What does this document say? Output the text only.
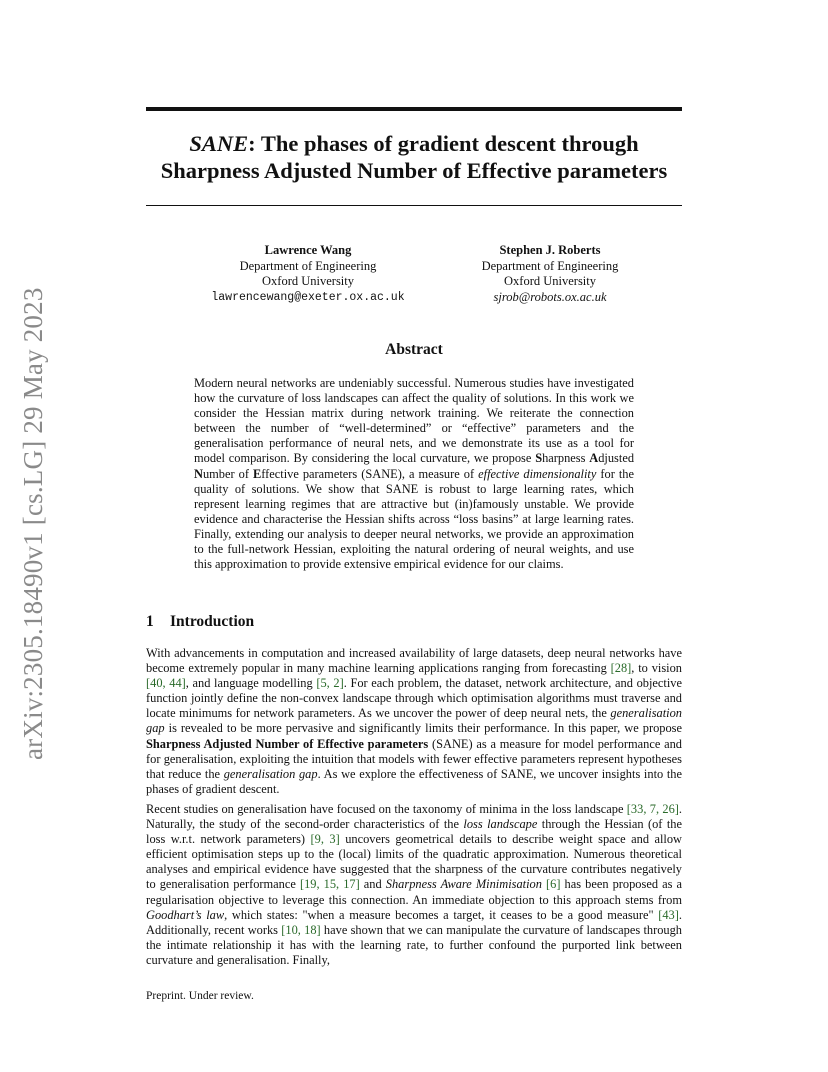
SANE: The phases of gradient descent through
Sharpness Adjusted Number of Effective parameters
arXiv:2305.18490v1 [cs.LG] 29 May 2023
Lawrence Wang
Department of Engineering
Oxford University
lawrencewang@exeter.ox.ac.uk
Stephen J. Roberts
Department of Engineering
Oxford University
sjrob@robots.ox.ac.uk
Abstract
Modern neural networks are undeniably successful. Numerous studies have investigated how the curvature of loss landscapes can affect the quality of solutions. In this work we consider the Hessian matrix during network training. We reiterate the connection between the number of “well-determined” or “effective” parameters and the generalisation performance of neural nets, and we demonstrate its use as a tool for model comparison. By considering the local curvature, we propose Sharpness Adjusted Number of Effective parameters (SANE), a measure of effective dimensionality for the quality of solutions. We show that SANE is robust to large learning rates, which represent learning regimes that are attractive but (in)famously unstable. We provide evidence and characterise the Hessian shifts across “loss basins” at large learning rates. Finally, extending our analysis to deeper neural networks, we provide an approximation to the full-network Hessian, exploiting the natural ordering of neural weights, and use this approximation to provide extensive empirical evidence for our claims.
1 Introduction
With advancements in computation and increased availability of large datasets, deep neural networks have become extremely popular in many machine learning applications ranging from forecasting [28], to vision [40, 44], and language modelling [5, 2]. For each problem, the dataset, network architecture, and objective function jointly define the non-convex landscape through which optimisation algorithms must traverse and locate minimums for network parameters. As we uncover the power of deep neural nets, the generalisation gap is revealed to be more pervasive and significantly limits their performance. In this paper, we propose Sharpness Adjusted Number of Effective parameters (SANE) as a measure for model performance and for generalisation, exploiting the intuition that models with fewer effective parameters represent hypotheses that reduce the generalisation gap. As we explore the effectiveness of SANE, we uncover insights into the phases of gradient descent.
Recent studies on generalisation have focused on the taxonomy of minima in the loss landscape [33, 7, 26]. Naturally, the study of the second-order characteristics of the loss landscape through the Hessian (of the loss w.r.t. network parameters) [9, 3] uncovers geometrical details to describe weight space and allow efficient optimisation steps up to the (local) limits of the quadratic approximation. Numerous theoretical analyses and empirical evidence have suggested that the sharpness of the curvature contributes negatively to generalisation performance [19, 15, 17] and Sharpness Aware Minimisation [6] has been proposed as a regularisation objective to leverage this connection. An immediate objection to this approach stems from Goodhart’s law, which states: "when a measure becomes a target, it ceases to be a good measure" [43]. Additionally, recent works [10, 18] have shown that we can manipulate the curvature of landscapes through the intimate relationship it has with the learning rate, to further confound the purported link between curvature and generalisation. Finally,
Preprint. Under review.
